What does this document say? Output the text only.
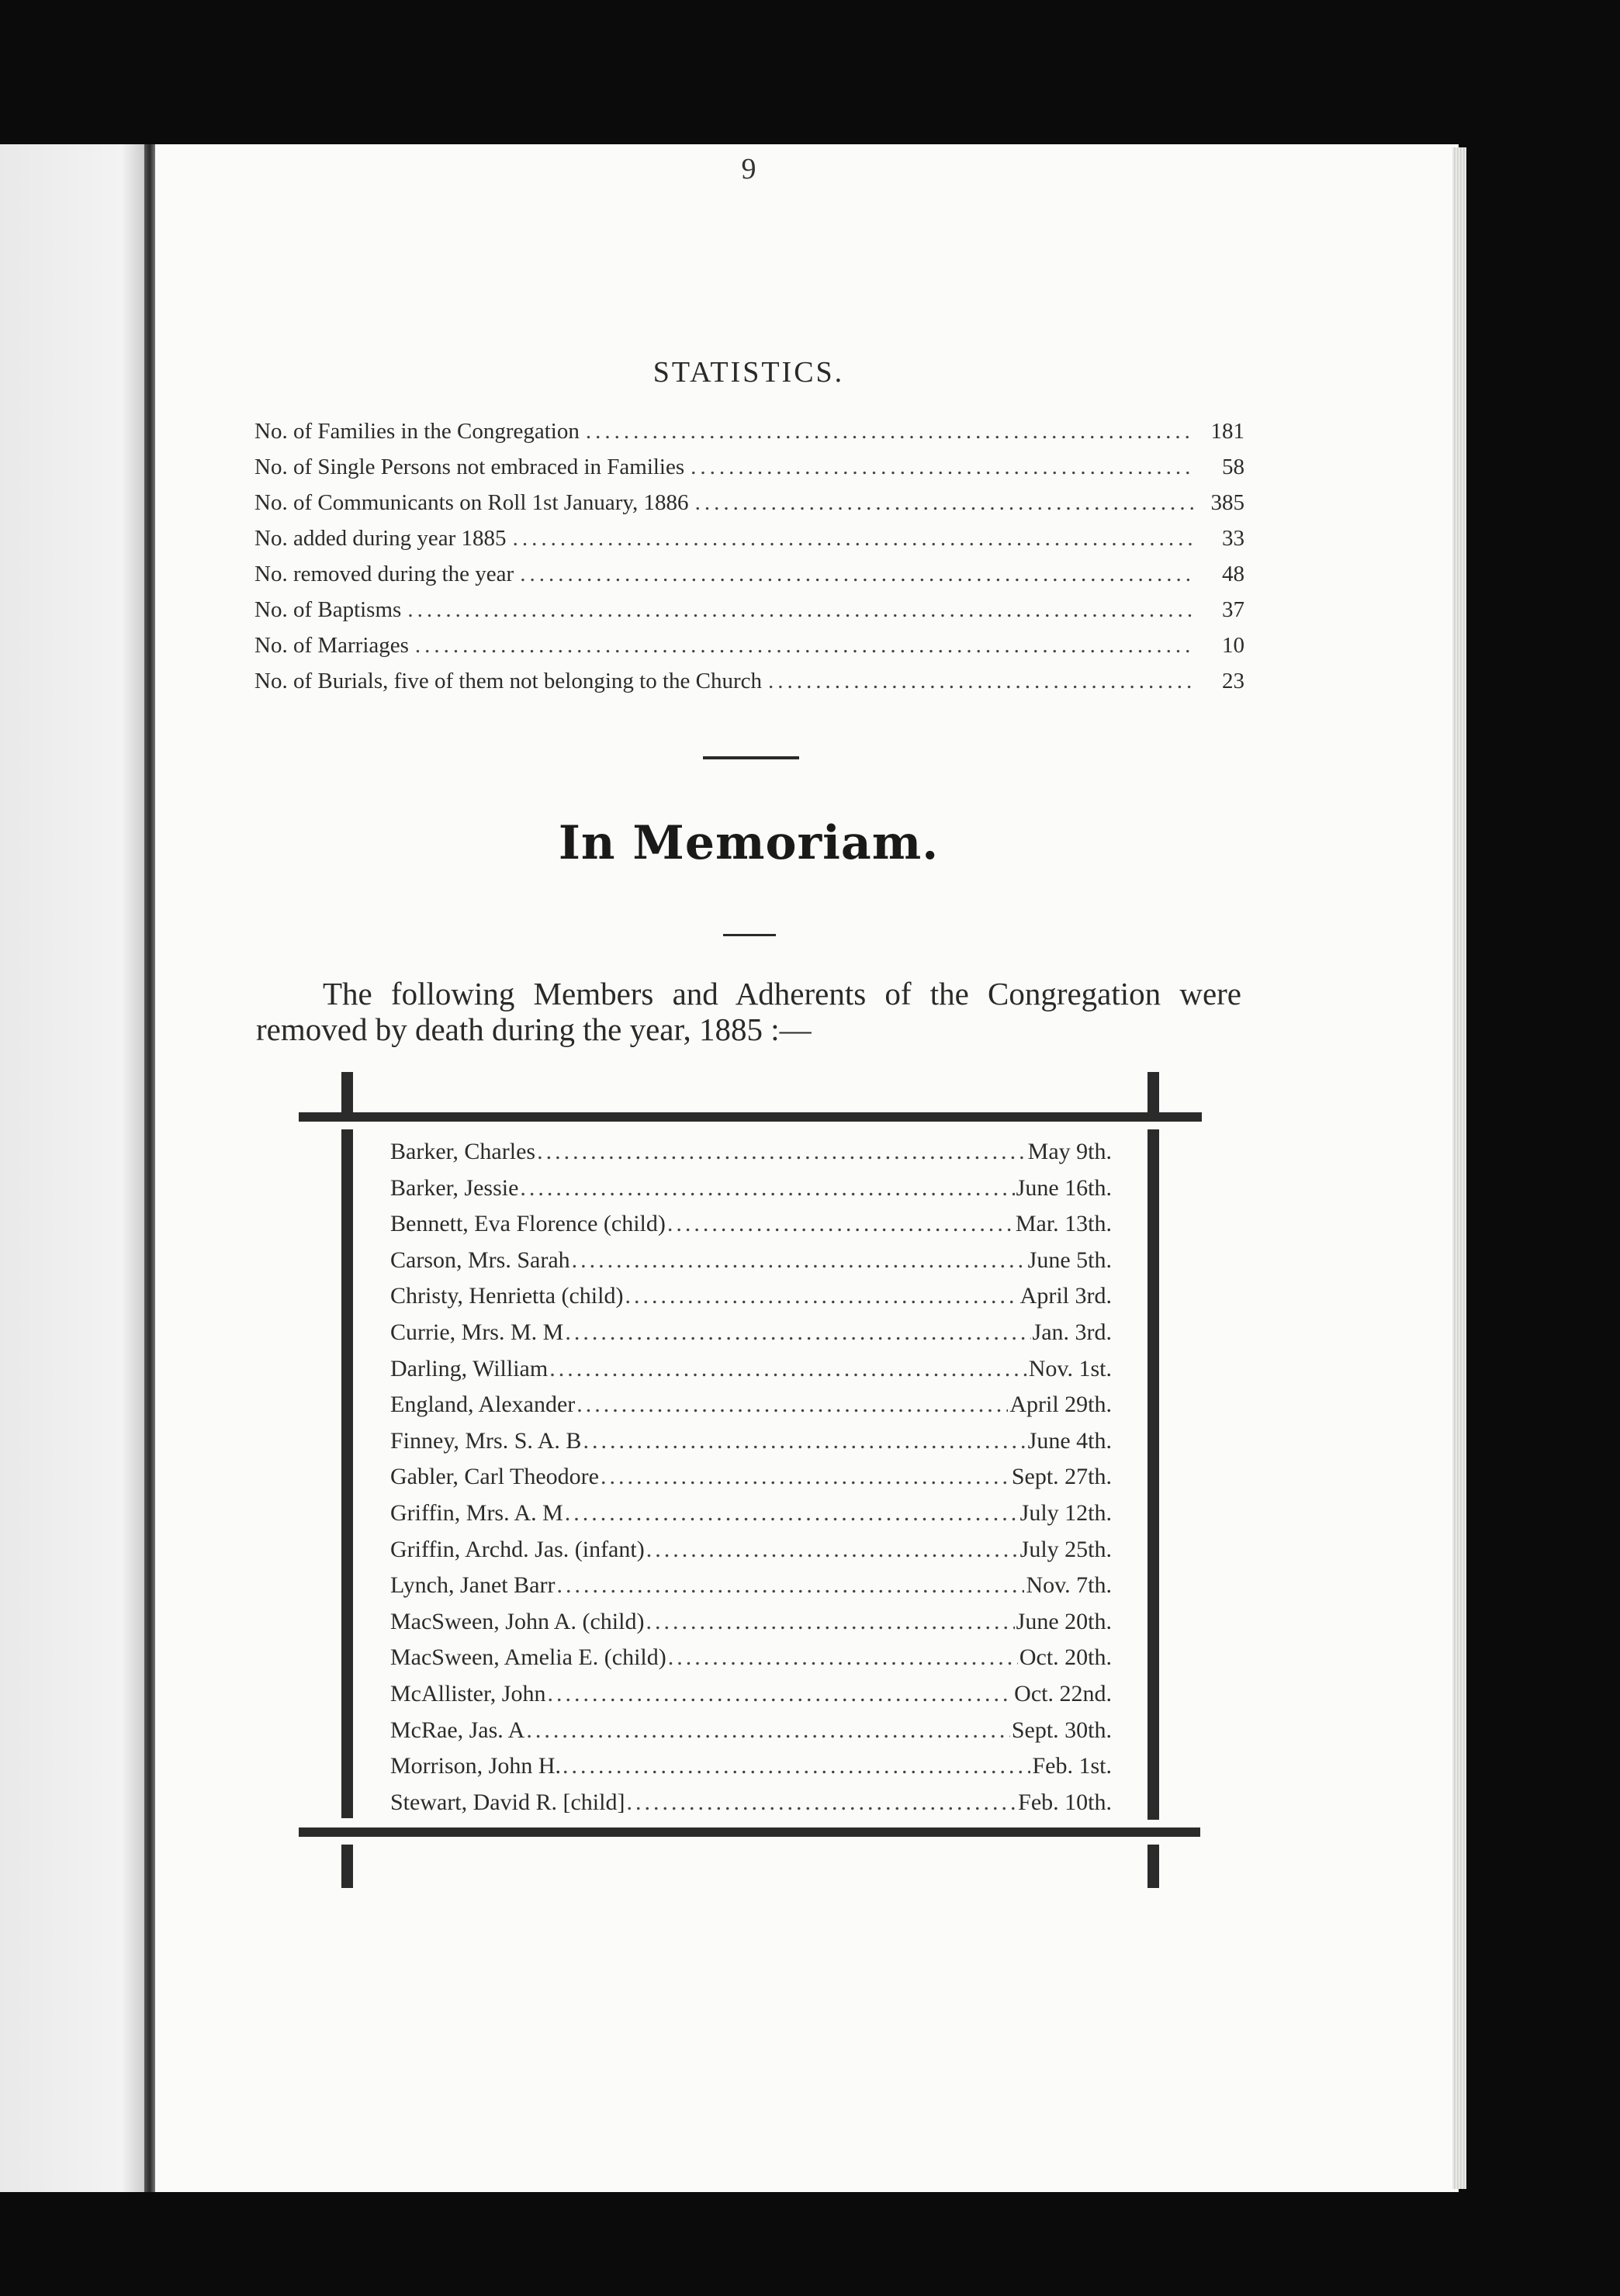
9
STATISTICS.
No. of Families in the Congregation .....	181
No. of Single Persons not embraced in Families .....	58
No. of Communicants on Roll 1st January, 1886 .....	385
No. added during year 1885 .....	33
No. removed during the year .....	48
No. of Baptisms .....	37
No. of Marriages .....	10
No. of Burials, five of them not belonging to the Church .....	23
In Memoriam.
The following Members and Adherents of the Congregation were removed by death during the year, 1885 :—
Barker, Charles .....	May 9th.
Barker, Jessie .....	June 16th.
Bennett, Eva Florence (child) .....	Mar. 13th.
Carson, Mrs. Sarah .....	June 5th.
Christy, Henrietta (child) .....	April 3rd.
Currie, Mrs. M. M .....	Jan. 3rd.
Darling, William .....	Nov. 1st.
England, Alexander .....	April 29th.
Finney, Mrs. S. A. B .....	June 4th.
Gabler, Carl Theodore .....	Sept. 27th.
Griffin, Mrs. A. M .....	July 12th.
Griffin, Archd. Jas. (infant) .....	July 25th.
Lynch, Janet Barr .....	Nov. 7th.
MacSween, John A. (child) .....	June 20th.
MacSween, Amelia E. (child) .....	Oct. 20th.
McAllister, John .....	Oct. 22nd.
McRae, Jas. A .....	Sept. 30th.
Morrison, John H. .....	Feb. 1st.
Stewart, David R. [child] .....	Feb. 10th.
